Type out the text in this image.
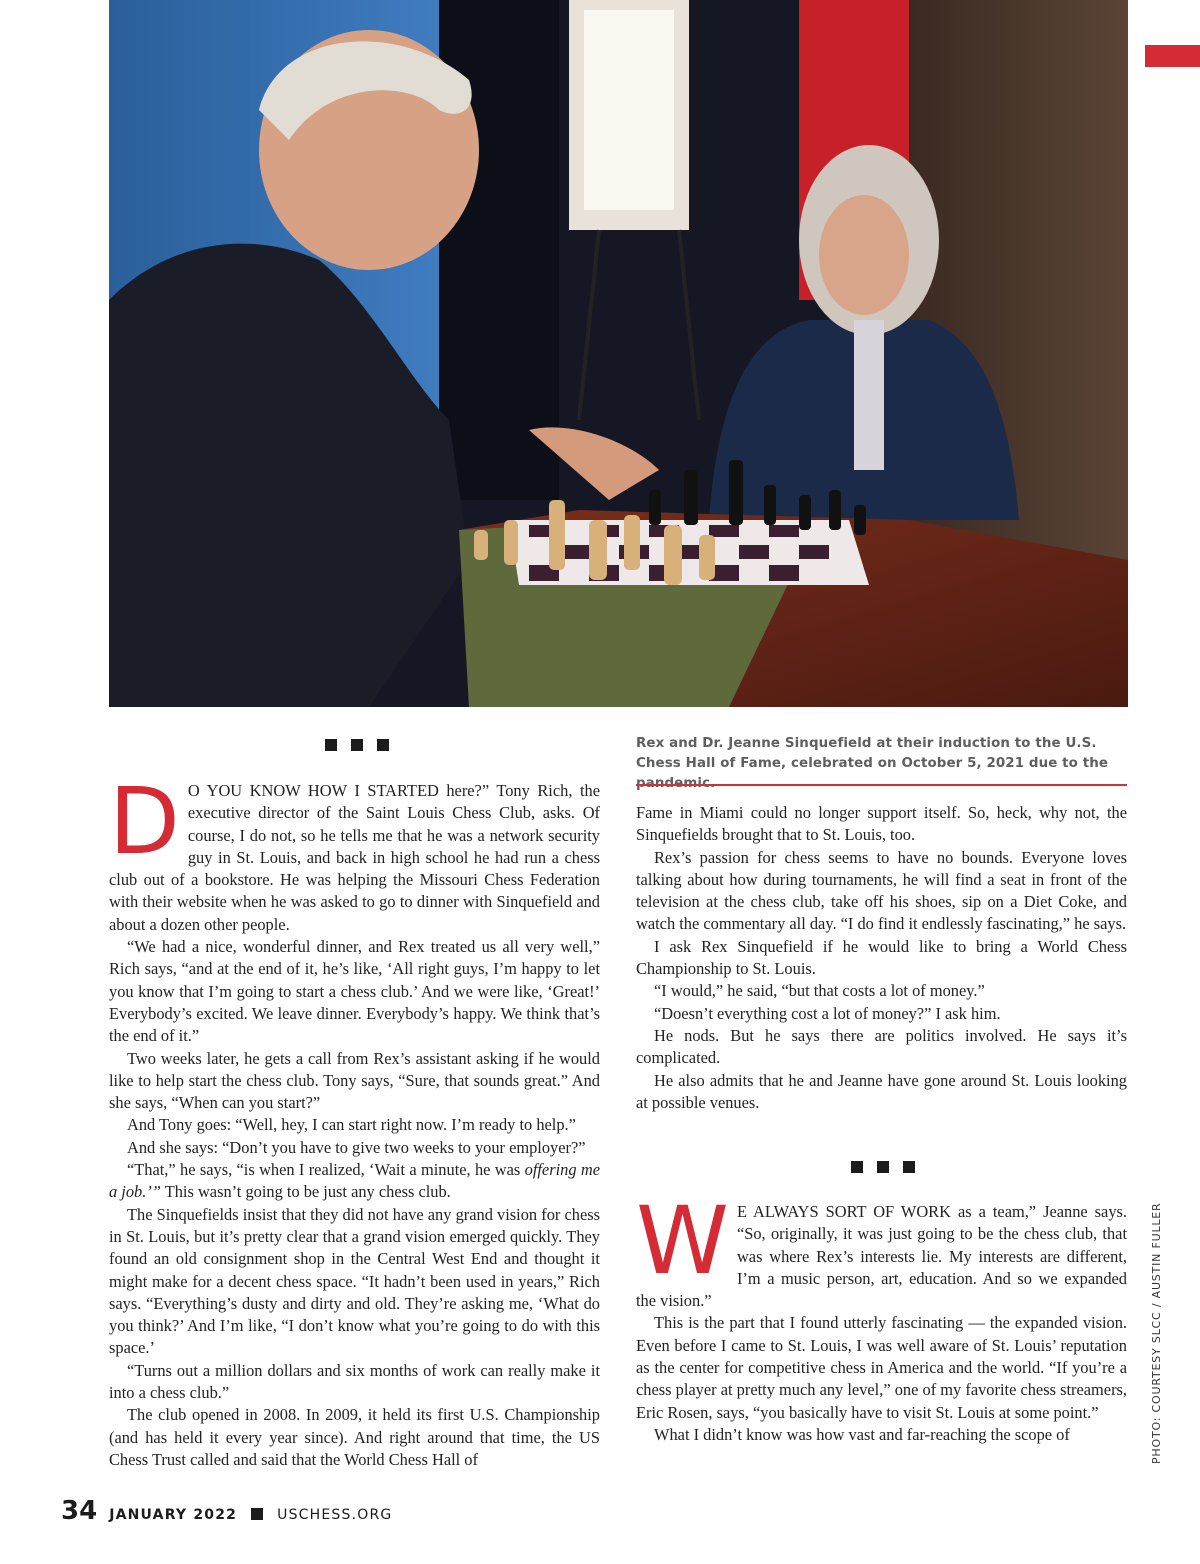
Rex and Dr. Jeanne Sinquefield at their induction to the U.S. Chess Hall of Fame, celebrated on October 5, 2021 due to the

D O YOU KNOW HOW I STARTED here?” Tony Rich, the executive director of the Saint Louis Chess Club, asks. Of course, I do not, so he tells me that he was a network security guy in St. Louis, and back in high school he had run a chess club out of a bookstore. He was helping the Missouri Chess Federation with their website when he was asked to go to dinner with Sinquefield and about a dozen other people.

“We had a nice, wonderful dinner, and Rex treated us all very well,” Rich says, “and at the end of it, he’s like, ‘All right guys, I’m happy to let you know that I’m going to start a chess club.’ And we were like, ‘Great!’ Everybody’s excited. We leave dinner. Everybody’s happy. We think that’s the end of it.”

Two weeks later, he gets a call from Rex’s assistant asking if he would like to help start the chess club. Tony says, “Sure, that sounds great.” And she says, “When can you start?”

And Tony goes: “Well, hey, I can start right now. I’m ready to help.”

And she says: “Don’t you have to give two weeks to your employer?”

“That,” he says, “is when I realized, ‘Wait a minute, he was offering me a job.’” This wasn’t going to be just any chess club.

The Sinquefields insist that they did not have any grand vision for chess in St. Louis, but it’s pretty clear that a grand vision emerged quickly. They found an old consignment shop in the Central West End and thought it might make for a decent chess space. “It hadn’t been used in years,” Rich says. “Everything’s dusty and dirty and old. They’re asking me, ‘What do you think?’ And I’m like, “I don’t know what you’re going to do with this space.’

“Turns out a million dollars and six months of work can really make it into a chess club.”

The club opened in 2008. In 2009, it held its first U.S. Championship (and has held it every year since). And right around that time, the US Chess Trust called and said that the World Chess Hall of

Fame in Miami could no longer support itself. So, heck, why not, the Sinquefields brought that to St. Louis, too.

Rex’s passion for chess seems to have no bounds. Everyone loves talking about how during tournaments, he will find a seat in front of the television at the chess club, take off his shoes, sip on a Diet Coke, and watch the commentary all day. “I do find it endlessly fascinating,” he says.

I ask Rex Sinquefield if he would like to bring a World Chess Championship to St. Louis.

“I would,” he said, “but that costs a lot of money.”

“Doesn’t everything cost a lot of money?” I ask him.

He nods. But he says there are politics involved. He says it’s complicated.

He also admits that he and Jeanne have gone around St. Louis looking at possible venues.

W E ALWAYS SORT OF WORK as a team,” Jeanne says. “So, originally, it was just going to be the chess club, that was where Rex’s interests lie. My interests are different, I’m a music person, art, education. And so we expanded the vision.”

This is the part that I found utterly fascinating — the expanded vision. Even before I came to St. Louis, I was well aware of St. Louis’ reputation as the center for competitive chess in America and the world. “If you’re a chess player at pretty much any level,” one of my favorite chess streamers, Eric Rosen, says, “you basically have to visit St. Louis at some point.”

What I didn’t know was how vast and far-reaching the scope of	PHOTO: COURTESY SLCC / AUSTIN FULLER
34 JANUARY 2022	USCHESS.ORG
